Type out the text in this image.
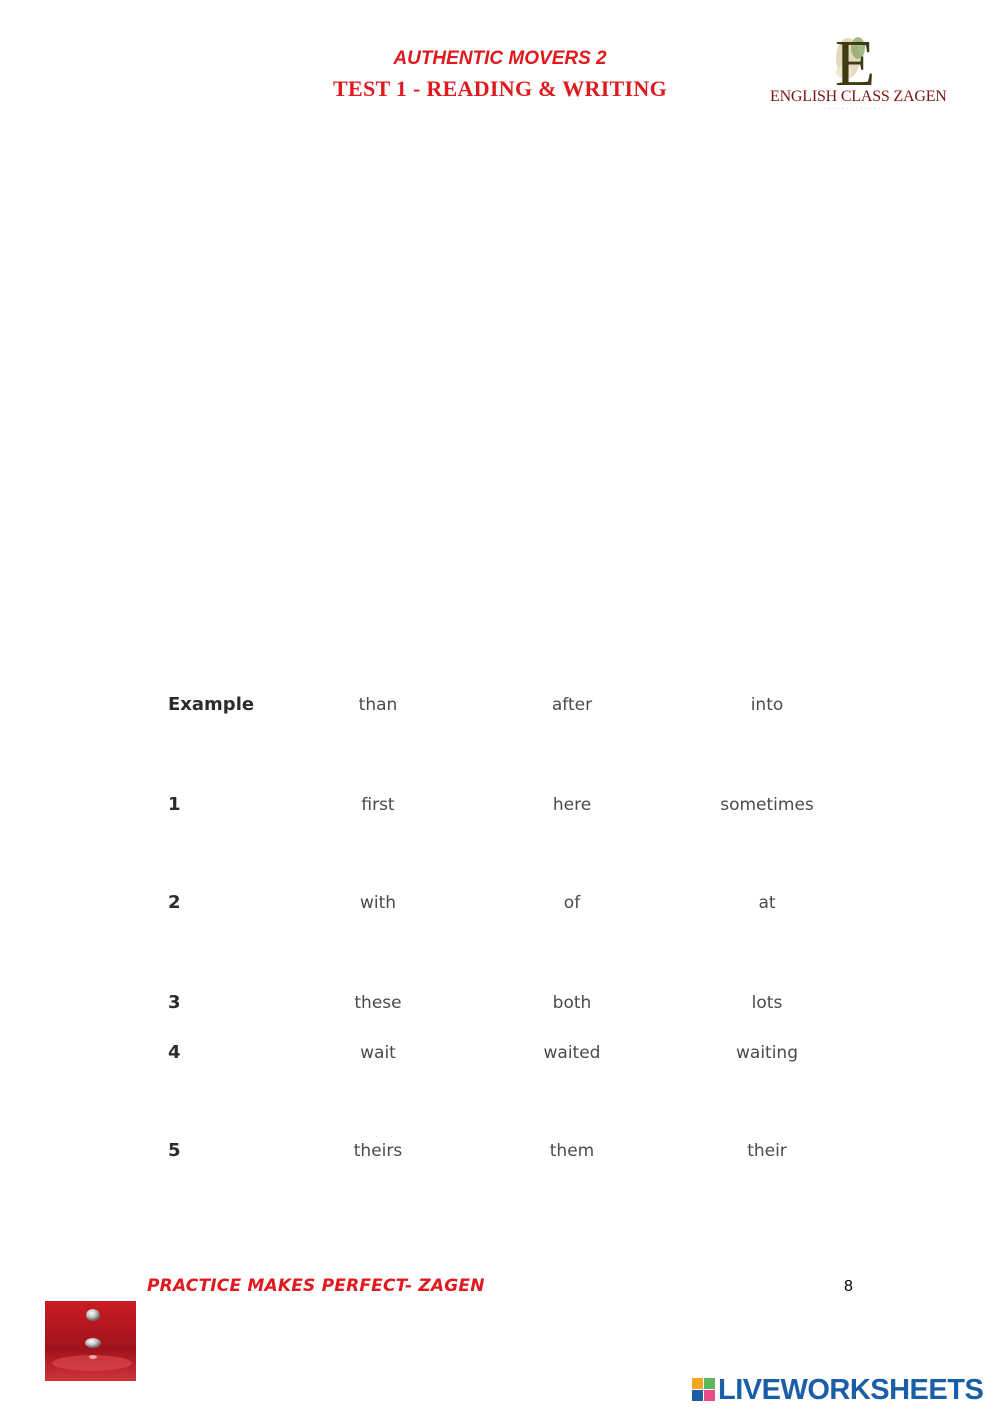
AUTHENTIC MOVERS 2
TEST 1 - READING & WRITING	E
ENGLISH CLASS ZAGEN
· · · · · · · · · · · · · ·
Example	than	after	into
1	first	here	sometimes
2	with	of	at
3	these	both	lots
4	wait	waited	waiting
5	theirs	them	their
PRACTICE MAKES PERFECT- ZAGEN	8
LIVEWORKSHEETS
